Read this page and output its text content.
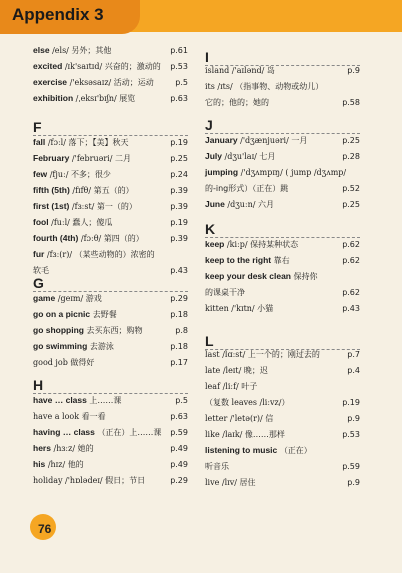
Appendix 3
else /els/ 另外；其他	p.61
excited /ɪk'saɪtɪd/ 兴奋的；激动的 p.53
exercise /'eksəsaɪz/ 活动；运动	p.5
exhibition /ˌeksɪ'bɪʃn/ 展览	p.63
F
fall /fɔːl/ 落下；【美】秋天	p.19
February /'februəri/ 二月	p.25
few /fjuː/ 不多；很少	p.24
fifth (5th) /fɪfθ/ 第五（的）	p.39
first (1st) /fɜːst/ 第一（的）	p.39
fool /fuːl/ 蠢人；傻瓜	p.19
fourth (4th) /fɔːθ/ 第四（的）	p.39
fur /fɜː(r)/ （某些动物的）浓密的
软毛	p.43
G
game /geɪm/ 游戏	p.29
go on a picnic 去野餐	p.18
go shopping 去买东西；购物	p.8
go swimming 去游泳	p.18
good job 做得好	p.17
H
have … class 上……课	p.5
have a look 看一看	p.63
having … class （正在）上……课 p.59
hers /hɜːz/ 她的	p.49
his /hɪz/ 他的	p.49
holiday /'hɒlədeɪ/ 假日；节日	p.29
I
island /'aɪlənd/ 岛	p.9
its /ɪts/ （指事物、动物或幼儿）
它的；他的；她的	p.58
J
January /'dʒænjuəri/ 一月	p.25
July /dʒu'laɪ/ 七月	p.28
jumping /'dʒʌmpɪŋ/ ( jump /dʒʌmp/
的-ing形式）（正在）跳	p.52
June /dʒuːn/ 六月	p.25
K
keep /kiːp/ 保持某种状态	p.62
keep to the right 靠右	p.62
keep your desk clean 保持你
的课桌干净	p.62
kitten /'kɪtn/ 小猫	p.43
L
last /lɑːst/ 上一个的；刚过去的	p.7
late /leɪt/ 晚；迟	p.4
leaf /liːf/ 叶子
（复数 leaves /liːvz/）	p.19
letter /'letə(r)/ 信	p.9
like /laɪk/ 像……那样	p.53
listening to music （正在）
听音乐	p.59
live /lɪv/ 居住	p.9
76
